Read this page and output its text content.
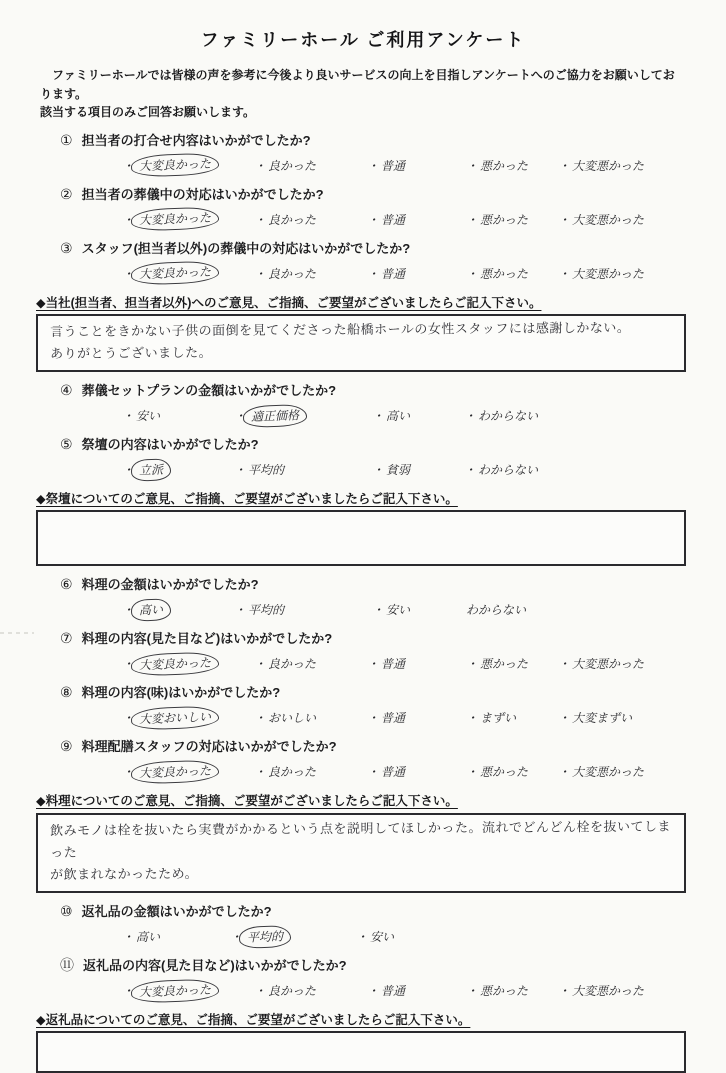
ファミリーホール ご利用アンケート
ファミリーホールでは皆様の声を参考に今後より良いサービスの向上を目指しアンケートへのご協力をお願いしております。
該当する項目のみご回答お願いします。
① 担当者の打合せ内容はいかがでしたか?
・ 大変良かった	・ 良かった	・ 普通	・ 悪かった ・ 大変悪かった
② 担当者の葬儀中の対応はいかがでしたか?
・ 大変良かった	・ 良かった	・ 普通	・ 悪かった ・ 大変悪かった
③ スタッフ(担当者以外)の葬儀中の対応はいかがでしたか?
・ 大変良かった	・ 良かった	・ 普通	・ 悪かった ・ 大変悪かった
◆当社(担当者、担当者以外)へのご意見、ご指摘、ご要望がございましたらご記入下さい。
言うことをきかない子供の面倒を見てくださった船橋ホールの女性スタッフには感謝しかない。
ありがとうございました。
④ 葬儀セットプランの金額はいかがでしたか?
・ 安い	・ 適正価格	・ 高い	・ わからない
⑤ 祭壇の内容はいかがでしたか?
・ 立派	・ 平均的	・ 貧弱	・ わからない
◆祭壇についてのご意見、ご指摘、ご要望がございましたらご記入下さい。
⑥ 料理の金額はいかがでしたか?
・ 高い	・ 平均的	・ 安い	わからない
⑦ 料理の内容(見た目など)はいかがでしたか?
・ 大変良かった	・ 良かった	・ 普通	・ 悪かった ・ 大変悪かった
⑧ 料理の内容(味)はいかがでしたか?
・ 大変おいしい	・ おいしい	・ 普通	・ まずい	・ 大変まずい
⑨ 料理配膳スタッフの対応はいかがでしたか?
・ 大変良かった	・ 良かった	・ 普通	・ 悪かった ・ 大変悪かった
◆料理についてのご意見、ご指摘、ご要望がございましたらご記入下さい。
飲みモノは栓を抜いたら実費がかかるという点を説明してほしかった。流れでどんどん栓を抜いてしまった
が飲まれなかったため。
⑩ 返礼品の金額はいかがでしたか?
・ 高い	・ 平均的	・ 安い
⑪ 返礼品の内容(見た目など)はいかがでしたか?
・ 大変良かった	・ 良かった	・ 普通	・ 悪かった ・ 大変悪かった
◆返礼品についてのご意見、ご指摘、ご要望がございましたらご記入下さい。
